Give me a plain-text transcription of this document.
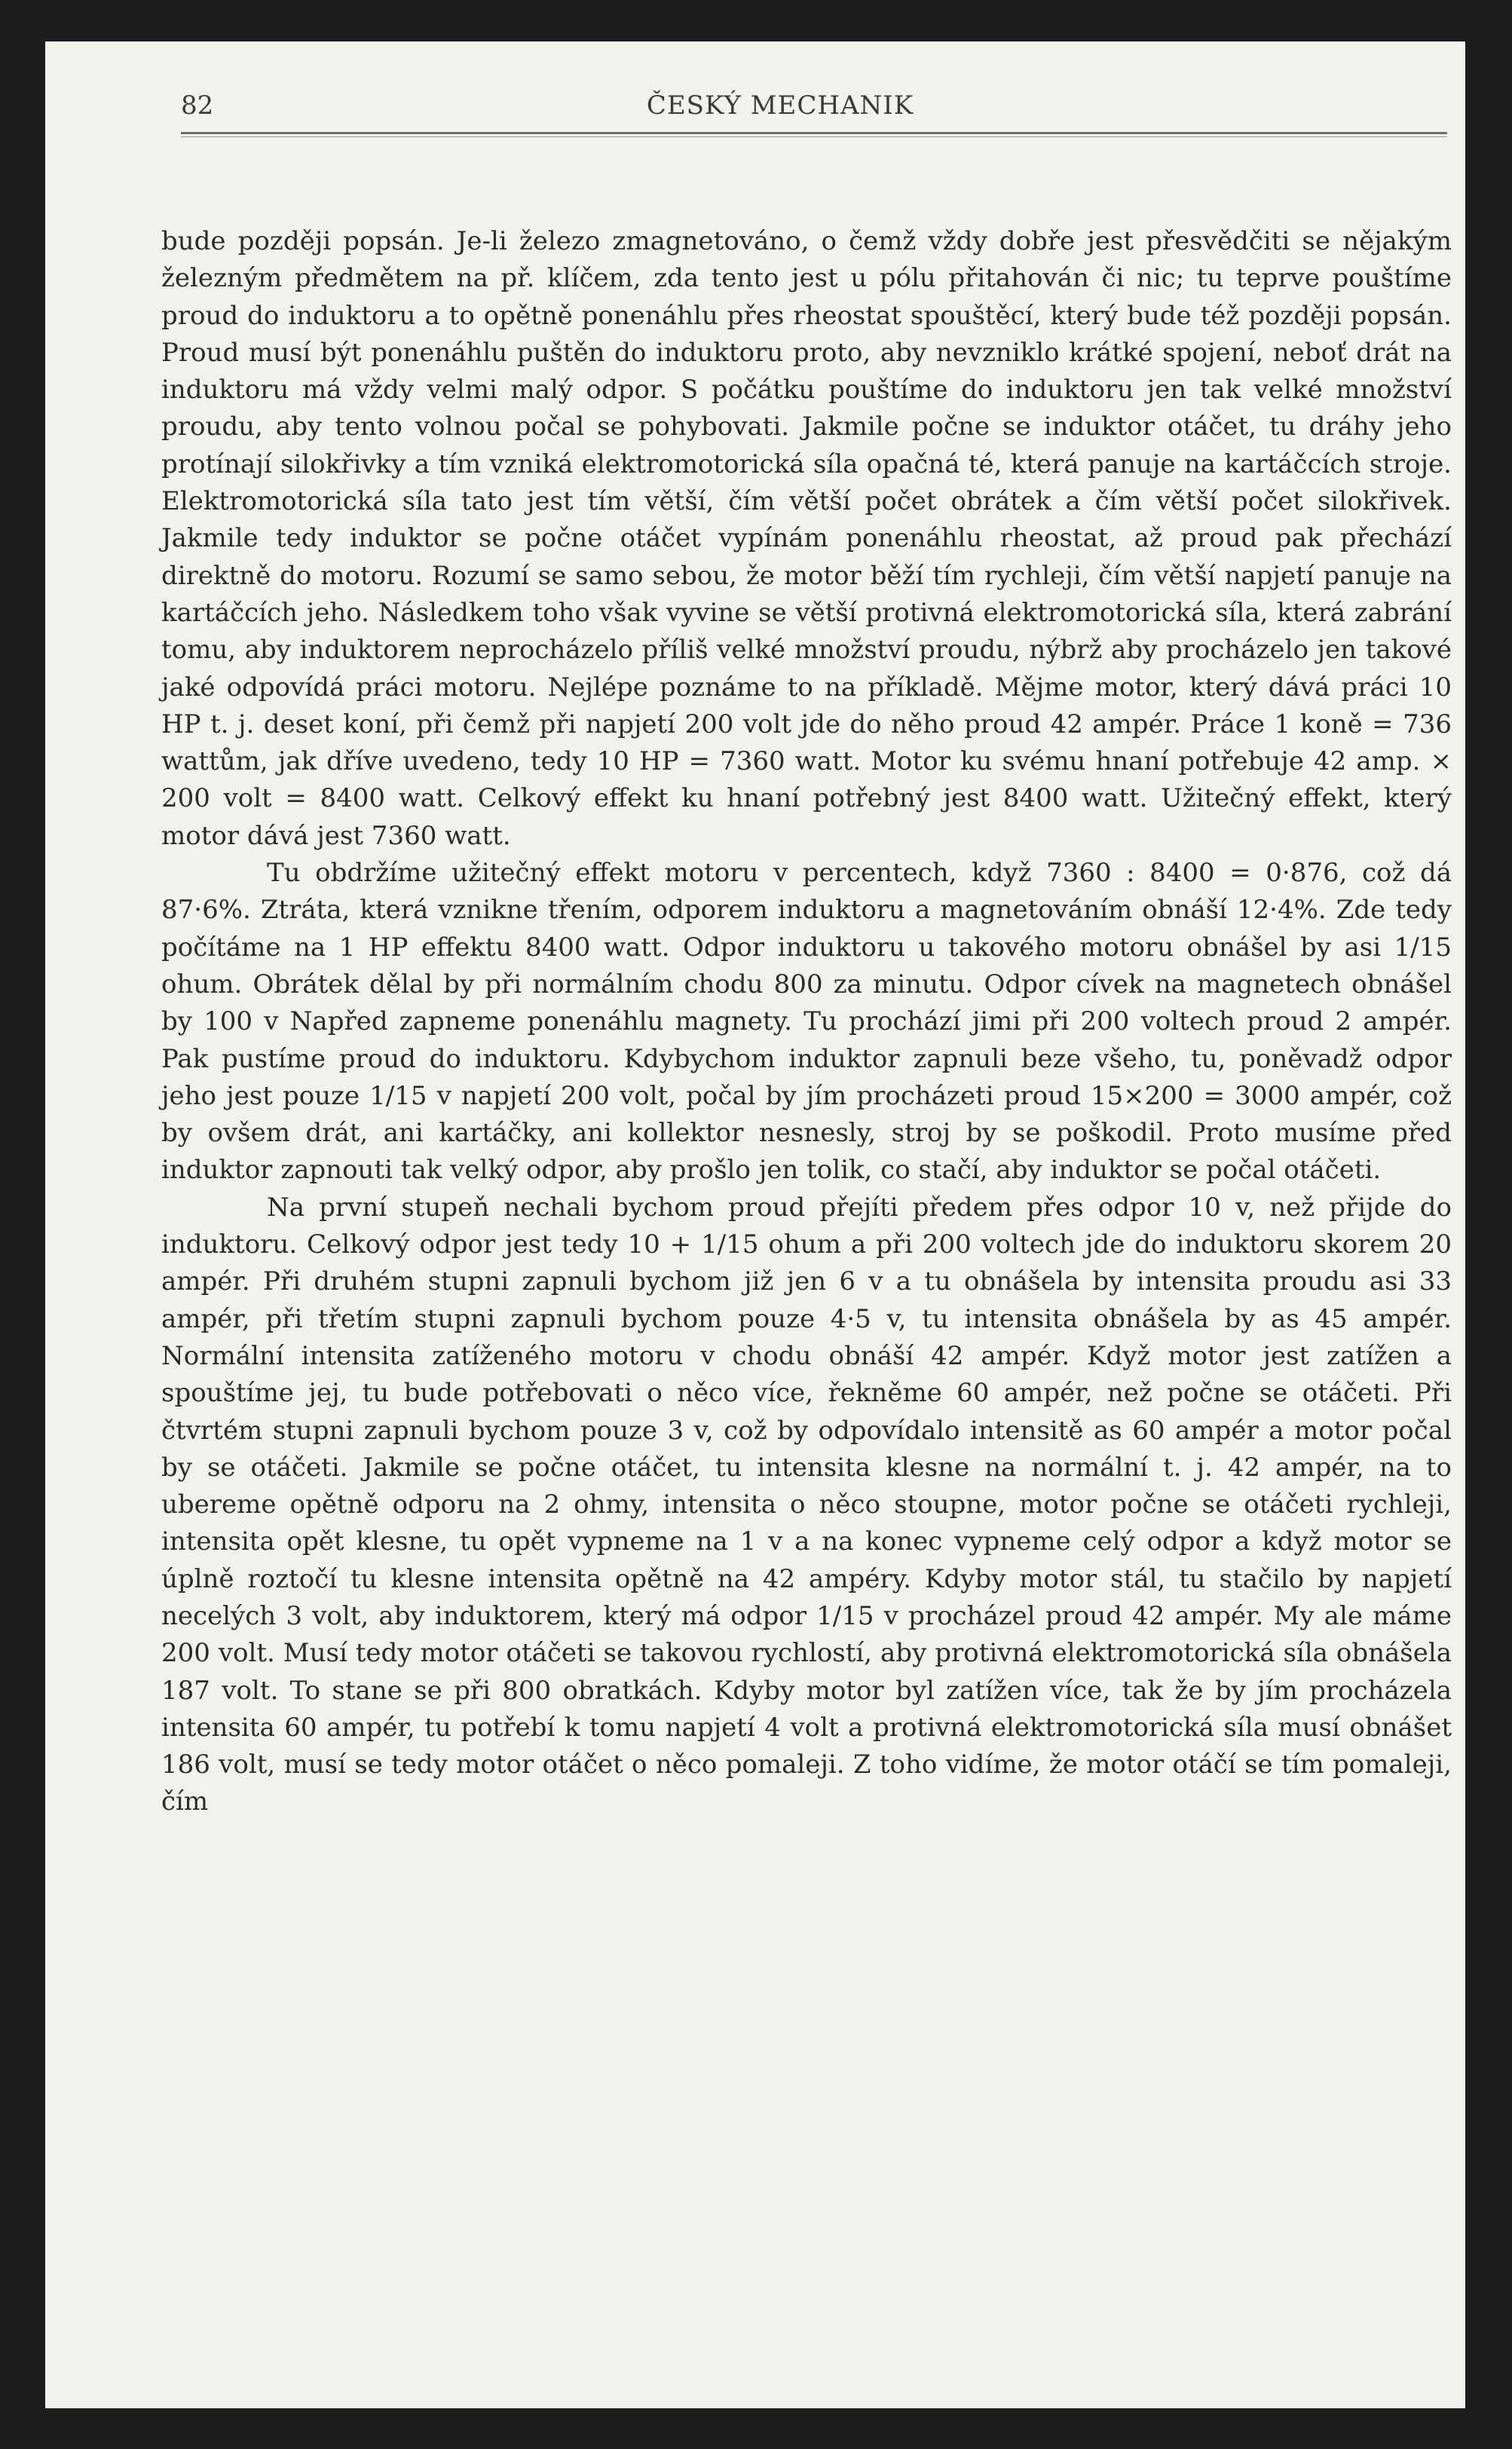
82	ČESKÝ MECHANIK

bude později popsán. Je-li železo zmagnetováno, o čemž vždy dobře jest přesvědčiti se nějakým železným předmětem na př. klíčem, zda tento jest u pólu přitahován či nic; tu teprve pouštíme proud do induktoru a to opětně ponenáhlu přes rheostat spouštěcí, který bude též později popsán. Proud musí být ponenáhlu puštěn do induktoru proto, aby nevzniklo krátké spojení, neboť drát na induktoru má vždy velmi malý odpor. S počátku pouštíme do induktoru jen tak velké množství proudu, aby tento volnou počal se pohybovati. Jakmile počne se induktor otáčet, tu dráhy jeho protínají silokřivky a tím vzniká elektromotorická síla opačná té, která panuje na kartáčcích stroje. Elektromotorická síla tato jest tím větší, čím větší počet obrátek a čím větší počet silokřivek. Jakmile tedy induktor se počne otáčet vypínám ponenáhlu rheostat, až proud pak přechází direktně do motoru. Rozumí se samo sebou, že motor běží tím rychleji, čím větší napjetí panuje na kartáčcích jeho. Následkem toho však vyvine se větší protivná elektromotorická síla, která zabrání tomu, aby induktorem neprocházelo příliš velké množství proudu, nýbrž aby procházelo jen takové jaké odpovídá práci motoru. Nejlépe poznáme to na příkladě. Mějme motor, který dává práci 10 HP t. j. deset koní, při čemž při napjetí 200 volt jde do něho proud 42 ampér. Práce 1 koně = 736 wattům, jak dříve uvedeno, tedy 10 HP = 7360 watt. Motor ku svému hnaní potřebuje 42 amp. × 200 volt = 8400 watt. Celkový effekt ku hnaní potřebný jest 8400 watt. Užitečný effekt, který motor dává jest 7360 watt.

Tu obdržíme užitečný effekt motoru v percentech, když 7360 : 8400 = 0·876, což dá 87·6%. Ztráta, která vznikne třením, odporem induktoru a magnetováním obnáší 12·4%. Zde tedy počítáme na 1 HP effektu 8400 watt. Odpor induktoru u takového motoru obnášel by asi 1/15 ohum. Obrátek dělal by při normálním chodu 800 za minutu. Odpor cívek na magnetech obnášel by 100 v Napřed zapneme ponenáhlu magnety. Tu prochází jimi při 200 voltech proud 2 ampér. Pak pustíme proud do induktoru. Kdybychom induktor zapnuli beze všeho, tu, poněvadž odpor jeho jest pouze 1/15 v napjetí 200 volt, počal by jím procházeti proud 15×200 = 3000 ampér, což by ovšem drát, ani kartáčky, ani kollektor nesnesly, stroj by se poškodil. Proto musíme před induktor zapnouti tak velký odpor, aby prošlo jen tolik, co stačí, aby induktor se počal otáčeti.

Na první stupeň nechali bychom proud přejíti předem přes odpor 10 v, než přijde do induktoru. Celkový odpor jest tedy 10 + 1/15 ohum a při 200 voltech jde do induktoru skorem 20 ampér. Při druhém stupni zapnuli bychom již jen 6 v a tu obnášela by intensita proudu asi 33 ampér, při třetím stupni zapnuli bychom pouze 4·5 v, tu intensita obnášela by as 45 ampér. Normální intensita zatíženého motoru v chodu obnáší 42 ampér. Když motor jest zatížen a spouštíme jej, tu bude potřebovati o něco více, řekněme 60 ampér, než počne se otáčeti. Při čtvrtém stupni zapnuli bychom pouze 3 v, což by odpovídalo intensitě as 60 ampér a motor počal by se otáčeti. Jakmile se počne otáčet, tu intensita klesne na normální t. j. 42 ampér, na to ubereme opětně odporu na 2 ohmy, intensita o něco stoupne, motor počne se otáčeti rychleji, intensita opět klesne, tu opět vypneme na 1 v a na konec vypneme celý odpor a když motor se úplně roztočí tu klesne intensita opětně na 42 ampéry. Kdyby motor stál, tu stačilo by napjetí necelých 3 volt, aby induktorem, který má odpor 1/15 v procházel proud 42 ampér. My ale máme 200 volt. Musí tedy motor otáčeti se takovou rychlostí, aby protivná elektromotorická síla obnášela 187 volt. To stane se při 800 obratkách. Kdyby motor byl zatížen více, tak že by jím procházela intensita 60 ampér, tu potřebí k tomu napjetí 4 volt a protivná elektromotorická síla musí obnášet 186 volt, musí se tedy motor otáčet o něco pomaleji. Z toho vidíme, že motor otáčí se tím pomaleji, čím
